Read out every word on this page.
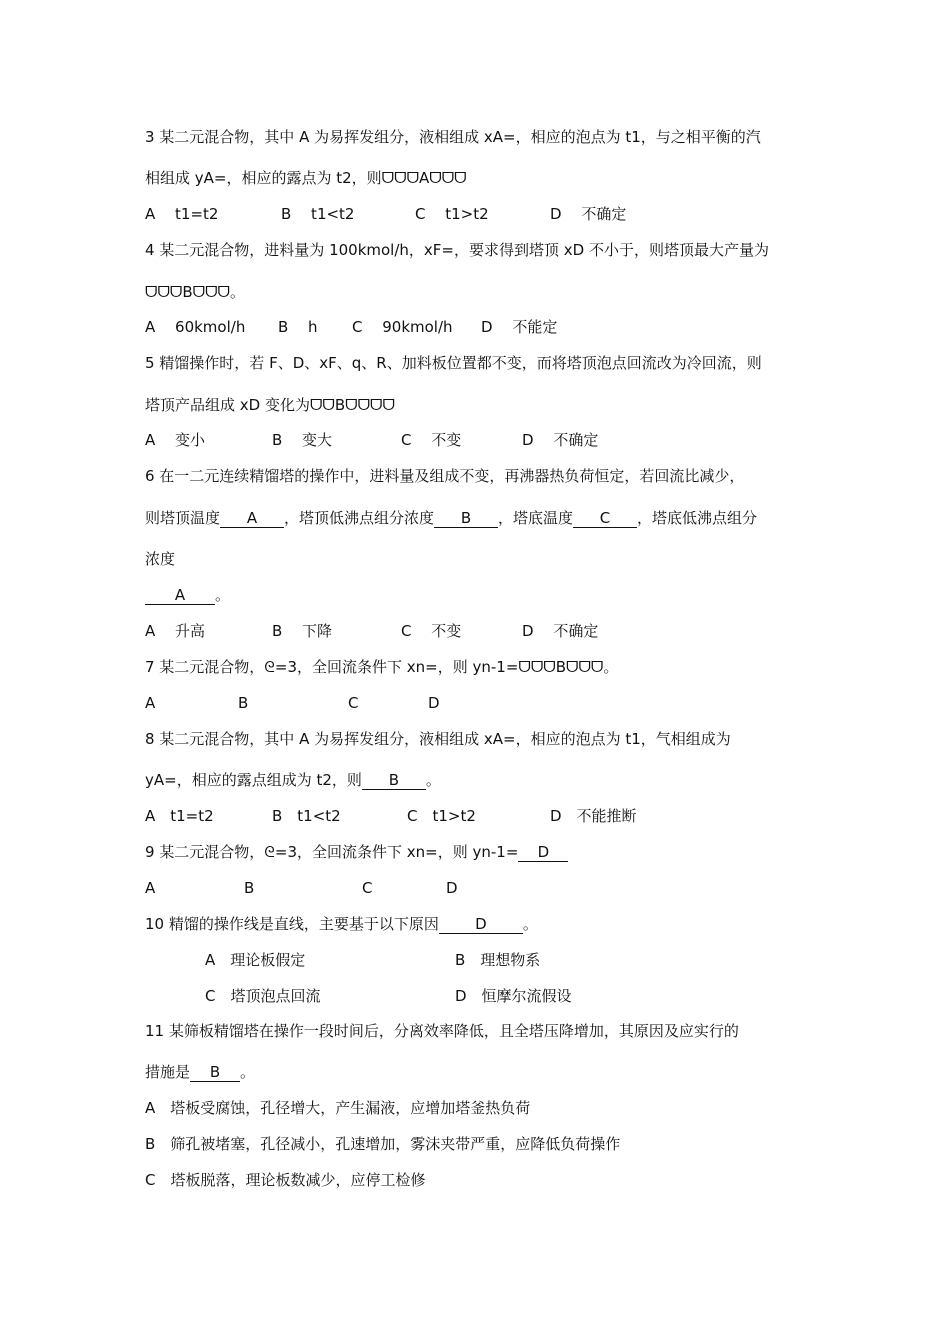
3 某二元混合物，其中 A 为易挥发组分，液相组成 xA=，相应的泡点为 t1，与之相平衡的汽
相组成 yA=，相应的露点为 t2，则ᗜᗜᗜAᗜᗜᗜ
A　 t1=t2	B　 t1<t2	C　 t1>t2	D　 不确定
4 某二元混合物，进料量为 100kmol/h，xF=，要求得到塔顶 xD 不小于，则塔顶最大产量为
ᗜᗜᗜBᗜᗜᗜ。
A　 60kmol/h B　 h C　 90kmol/h D　 不能定
5 精馏操作时，若 F、D、xF、q、R、加料板位置都不变，而将塔顶泡点回流改为冷回流，则
塔顶产品组成 xD 变化为ᗜᗜBᗜᗜᗜᗜ
A　 变小	B　 变大	C　 不变	D　 不确定
6 在一二元连续精馏塔的操作中，进料量及组成不变，再沸器热负荷恒定，若回流比减少，
则塔顶温度 A ，塔顶低沸点组分浓度 B ，塔底温度 C ，塔底低沸点组分
浓度
A 。
A　 升高	B　 下降	C　 不变	D　 不确定
7 某二元混合物，ᘓ=3，全回流条件下 xn=，则 yn-1=ᗜᗜᗜBᗜᗜᗜ。
A	B	C	D
8 某二元混合物，其中 A 为易挥发组分，液相组成 xA=，相应的泡点为 t1，气相组成为
yA=，相应的露点组成为 t2，则 B 。
A　t1=t2	B　t1<t2	C　t1>t2	D　不能推断
9 某二元混合物，ᘓ=3，全回流条件下 xn=，则 yn-1= D
A	B	C	D
10 精馏的操作线是直线，主要基于以下原因 D 。
A　理论板假定	B　理想物系
C　塔顶泡点回流	D　恒摩尔流假设
11 某筛板精馏塔在操作一段时间后，分离效率降低，且全塔压降增加，其原因及应实行的
措施是 B 。
A　塔板受腐蚀，孔径增大，产生漏液，应增加塔釜热负荷
B　筛孔被堵塞，孔径减小，孔速增加，雾沫夹带严重，应降低负荷操作
C　塔板脱落，理论板数减少，应停工检修
